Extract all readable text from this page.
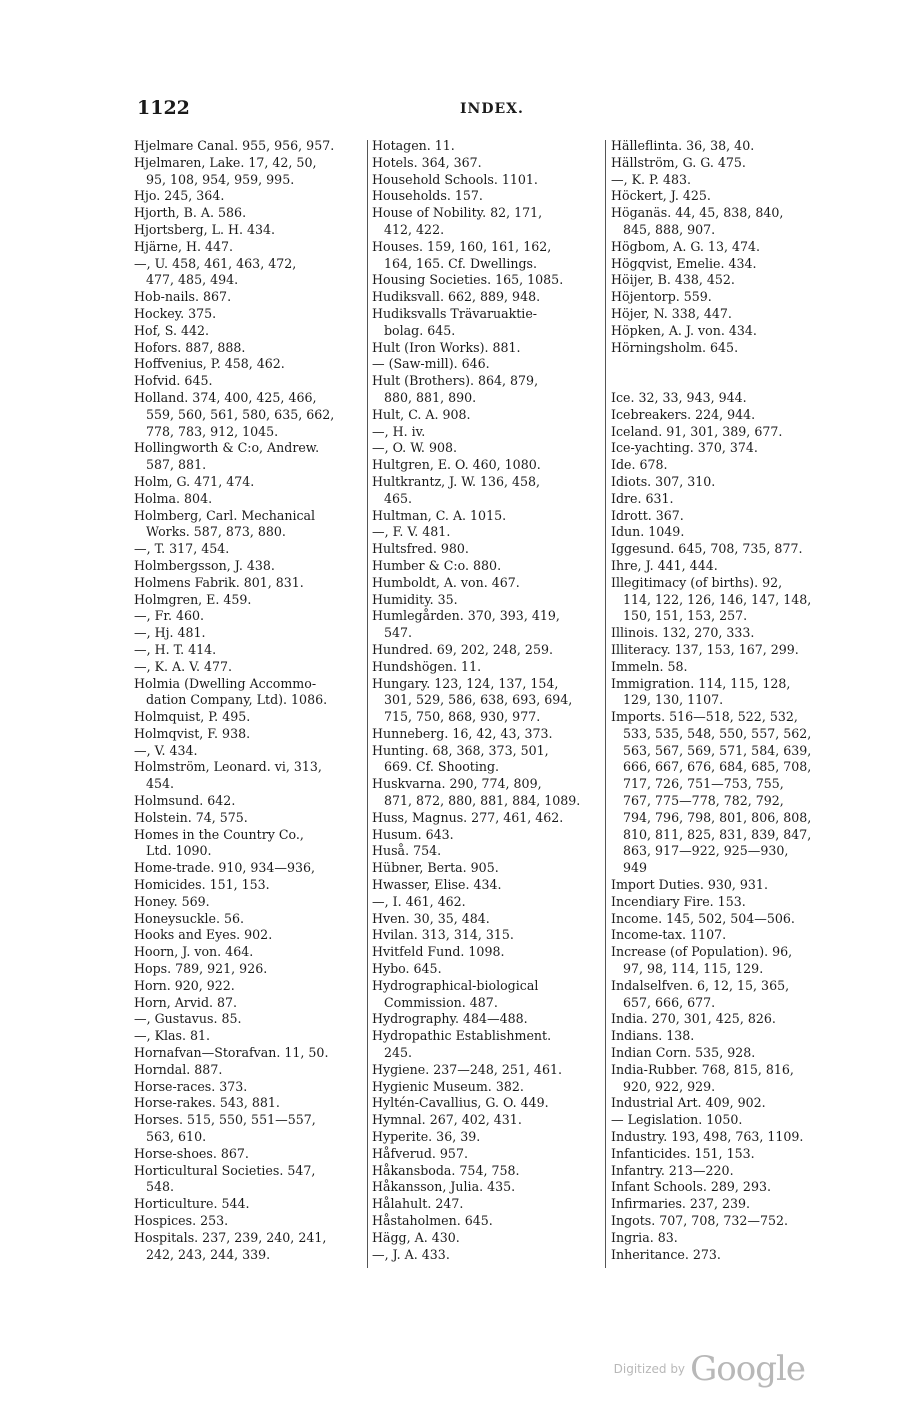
1122	INDEX.
Hjelmare Canal. 955, 956, 957.
Hjelmaren, Lake. 17, 42, 50,
95, 108, 954, 959, 995.
Hjo. 245, 364.
Hjorth, B. A. 586.
Hjortsberg, L. H. 434.
Hjärne, H. 447.
—, U. 458, 461, 463, 472,
477, 485, 494.
Hob-nails. 867.
Hockey. 375.
Hof, S. 442.
Hofors. 887, 888.
Hoffvenius, P. 458, 462.
Hofvid. 645.
Holland. 374, 400, 425, 466,
559, 560, 561, 580, 635, 662,
778, 783, 912, 1045.
Hollingworth & C:o, Andrew.
587, 881.
Holm, G. 471, 474.
Holma. 804.
Holmberg, Carl. Mechanical
Works. 587, 873, 880.
—, T. 317, 454.
Holmbergsson, J. 438.
Holmens Fabrik. 801, 831.
Holmgren, E. 459.
—, Fr. 460.
—, Hj. 481.
—, H. T. 414.
—, K. A. V. 477.
Holmia (Dwelling Accommo-
dation Company, Ltd). 1086.
Holmquist, P. 495.
Holmqvist, F. 938.
—, V. 434.
Holmström, Leonard. vi, 313,
454.
Holmsund. 642.
Holstein. 74, 575.
Homes in the Country Co.,
Ltd. 1090.
Home-trade. 910, 934—936,
Homicides. 151, 153.
Honey. 569.
Honeysuckle. 56.
Hooks and Eyes. 902.
Hoorn, J. von. 464.
Hops. 789, 921, 926.
Horn. 920, 922.
Horn, Arvid. 87.
—, Gustavus. 85.
—, Klas. 81.
Hornafvan—Storafvan. 11, 50.
Horndal. 887.
Horse-races. 373.
Horse-rakes. 543, 881.
Horses. 515, 550, 551—557,
563, 610.
Horse-shoes. 867.
Horticultural Societies. 547,
548.
Horticulture. 544.
Hospices. 253.
Hospitals. 237, 239, 240, 241,
242, 243, 244, 339.
Hotagen. 11.
Hotels. 364, 367.
Household Schools. 1101.
Households. 157.
House of Nobility. 82, 171,
412, 422.
Houses. 159, 160, 161, 162,
164, 165. Cf. Dwellings.
Housing Societies. 165, 1085.
Hudiksvall. 662, 889, 948.
Hudiksvalls Trävaruaktie-
bolag. 645.
Hult (Iron Works). 881.
— (Saw-mill). 646.
Hult (Brothers). 864, 879,
880, 881, 890.
Hult, C. A. 908.
—, H. iv.
—, O. W. 908.
Hultgren, E. O. 460, 1080.
Hultkrantz, J. W. 136, 458,
465.
Hultman, C. A. 1015.
—, F. V. 481.
Hultsfred. 980.
Humber & C:o. 880.
Humboldt, A. von. 467.
Humidity. 35.
Humlegården. 370, 393, 419,
547.
Hundred. 69, 202, 248, 259.
Hundshögen. 11.
Hungary. 123, 124, 137, 154,
301, 529, 586, 638, 693, 694,
715, 750, 868, 930, 977.
Hunneberg. 16, 42, 43, 373.
Hunting. 68, 368, 373, 501,
669. Cf. Shooting.
Huskvarna. 290, 774, 809,
871, 872, 880, 881, 884, 1089.
Huss, Magnus. 277, 461, 462.
Husum. 643.
Huså. 754.
Hübner, Berta. 905.
Hwasser, Elise. 434.
—, I. 461, 462.
Hven. 30, 35, 484.
Hvilan. 313, 314, 315.
Hvitfeld Fund. 1098.
Hybo. 645.
Hydrographical-biological
Commission. 487.
Hydrography. 484—488.
Hydropathic Establishment.
245.
Hygiene. 237—248, 251, 461.
Hygienic Museum. 382.
Hyltén-Cavallius, G. O. 449.
Hymnal. 267, 402, 431.
Hyperite. 36, 39.
Håfverud. 957.
Håkansboda. 754, 758.
Håkansson, Julia. 435.
Hålahult. 247.
Håstaholmen. 645.
Hägg, A. 430.
—, J. A. 433.
Hälleflinta. 36, 38, 40.
Hällström, G. G. 475.
—, K. P. 483.
Höckert, J. 425.
Höganäs. 44, 45, 838, 840,
845, 888, 907.
Högbom, A. G. 13, 474.
Högqvist, Emelie. 434.
Höijer, B. 438, 452.
Höjentorp. 559.
Höjer, N. 338, 447.
Höpken, A. J. von. 434.
Hörningsholm. 645.
Ice. 32, 33, 943, 944.
Icebreakers. 224, 944.
Iceland. 91, 301, 389, 677.
Ice-yachting. 370, 374.
Ide. 678.
Idiots. 307, 310.
Idre. 631.
Idrott. 367.
Idun. 1049.
Iggesund. 645, 708, 735, 877.
Ihre, J. 441, 444.
Illegitimacy (of births). 92,
114, 122, 126, 146, 147, 148,
150, 151, 153, 257.
Illinois. 132, 270, 333.
Illiteracy. 137, 153, 167, 299.
Immeln. 58.
Immigration. 114, 115, 128,
129, 130, 1107.
Imports. 516—518, 522, 532,
533, 535, 548, 550, 557, 562,
563, 567, 569, 571, 584, 639,
666, 667, 676, 684, 685, 708,
717, 726, 751—753, 755,
767, 775—778, 782, 792,
794, 796, 798, 801, 806, 808,
810, 811, 825, 831, 839, 847,
863, 917—922, 925—930,
949
Import Duties. 930, 931.
Incendiary Fire. 153.
Income. 145, 502, 504—506.
Income-tax. 1107.
Increase (of Population). 96,
97, 98, 114, 115, 129.
Indalselfven. 6, 12, 15, 365,
657, 666, 677.
India. 270, 301, 425, 826.
Indians. 138.
Indian Corn. 535, 928.
India-Rubber. 768, 815, 816,
920, 922, 929.
Industrial Art. 409, 902.
— Legislation. 1050.
Industry. 193, 498, 763, 1109.
Infanticides. 151, 153.
Infantry. 213—220.
Infant Schools. 289, 293.
Infirmaries. 237, 239.
Ingots. 707, 708, 732—752.
Ingria. 83.
Inheritance. 273.
Digitized by Google
